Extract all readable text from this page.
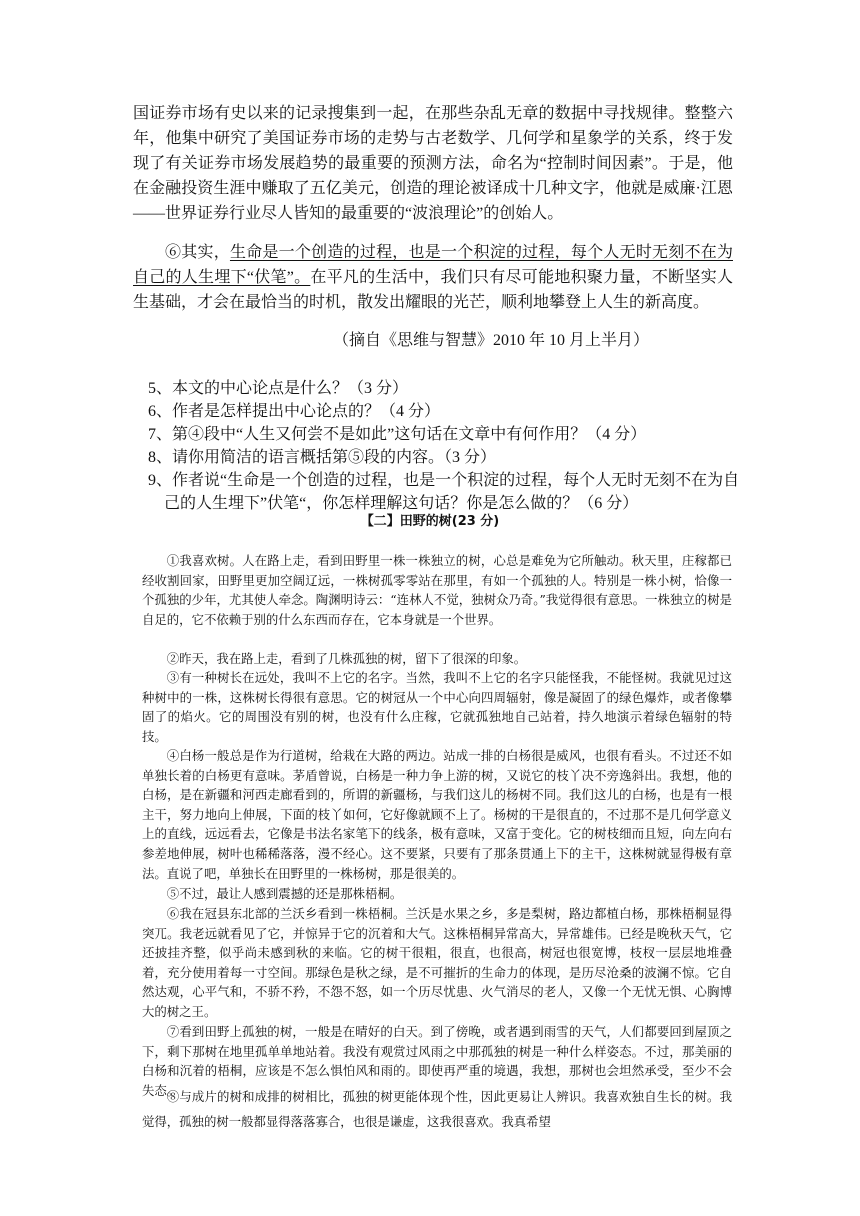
国证券市场有史以来的记录搜集到一起，在那些杂乱无章的数据中寻找规律。整整六年，他集中研究了美国证券市场的走势与古老数学、几何学和星象学的关系，终于发现了有关证券市场发展趋势的最重要的预测方法，命名为“控制时间因素”。于是，他在金融投资生涯中赚取了五亿美元，创造的理论被译成十几种文字，他就是威廉·江恩——世界证券行业尽人皆知的最重要的“波浪理论”的创始人。

⑥其实，生命是一个创造的过程，也是一个积淀的过程，每个人无时无刻不在为自己的人生埋下“伏笔”。在平凡的生活中，我们只有尽可能地积聚力量，不断坚实人生基础，才会在最恰当的时机，散发出耀眼的光芒，顺利地攀登上人生的新高度。

（摘自《思维与智慧》2010 年 10 月上半月）

5、本文的中心论点是什么？（3 分）

6、作者是怎样提出中心论点的？（4 分）

7、第④段中“人生又何尝不是如此”这句话在文章中有何作用？（4 分）

8、请你用简洁的语言概括第⑤段的内容。（3 分）

9、作者说“生命是一个创造的过程，也是一个积淀的过程，每个人无时无刻不在为自己的人生埋下”伏笔“，你怎样理解这句话？你是怎么做的？（6 分）

【二】田野的树(23 分)

①我喜欢树。人在路上走，看到田野里一株一株独立的树，心总是难免为它所触动。秋天里，庄稼都已经收割回家，田野里更加空阔辽远，一株树孤零零站在那里，有如一个孤独的人。特别是一株小树，恰像一个孤独的少年，尤其使人牵念。陶渊明诗云：“连林人不觉，独树众乃奇。”我觉得很有意思。一株独立的树是自足的，它不依赖于别的什么东西而存在，它本身就是一个世界。

②昨天，我在路上走，看到了几株孤独的树，留下了很深的印象。

③有一种树长在远处，我叫不上它的名字。当然，我叫不上它的名字只能怪我，不能怪树。我就见过这种树中的一株，这株树长得很有意思。它的树冠从一个中心向四周辐射，像是凝固了的绿色爆炸，或者像攀固了的焰火。它的周围没有别的树，也没有什么庄稼，它就孤独地自己站着，持久地演示着绿色辐射的特技。

④白杨一般总是作为行道树，给栽在大路的两边。站成一排的白杨很是威风，也很有看头。不过还不如单独长着的白杨更有意味。茅盾曾说，白杨是一种力争上游的树，又说它的枝丫决不旁逸斜出。我想，他的白杨，是在新疆和河西走廊看到的，所谓的新疆杨，与我们这儿的杨树不同。我们这儿的白杨，也是有一根主干，努力地向上伸展，下面的枝丫如何，它好像就顾不上了。杨树的干是很直的，不过那不是几何学意义上的直线，远远看去，它像是书法名家笔下的线条，极有意味，又富于变化。它的树枝细而且短，向左向右参差地伸展，树叶也稀稀落落，漫不经心。这不要紧，只要有了那条贯通上下的主干，这株树就显得极有章法。直说了吧，单独长在田野里的一株杨树，那是很美的。

⑤不过，最让人感到震撼的还是那株梧桐。

⑥我在冠县东北部的兰沃乡看到一株梧桐。兰沃是水果之乡，多是梨树，路边都植白杨，那株梧桐显得突兀。我老远就看见了它，并惊异于它的沉着和大气。这株梧桐异常高大，异常雄伟。已经是晚秋天气，它还披挂齐整，似乎尚未感到秋的来临。它的树干很粗，很直，也很高，树冠也很宽博，枝杈一层层地堆叠着，充分使用着每一寸空间。那绿色是秋之绿，是不可摧折的生命力的体现，是历尽沧桑的波澜不惊。它自然达观，心平气和，不骄不矜，不怨不怒，如一个历尽忧患、火气消尽的老人，又像一个无忧无惧、心胸博大的树之王。

⑦看到田野上孤独的树，一般是在晴好的白天。到了傍晚，或者遇到雨雪的天气，人们都要回到屋顶之下，剩下那树在地里孤单单地站着。我没有观赏过风雨之中那孤独的树是一种什么样姿态。不过，那美丽的白杨和沉着的梧桐，应该是不怎么惧怕风和雨的。即使再严重的境遇，我想，那树也会坦然承受，至少不会失态。

⑧与成片的树和成排的树相比，孤独的树更能体现个性，因此更易让人辨识。我喜欢独自生长的树。我觉得，孤独的树一般都显得落落寡合，也很是谦虚，这我很喜欢。我真希望
